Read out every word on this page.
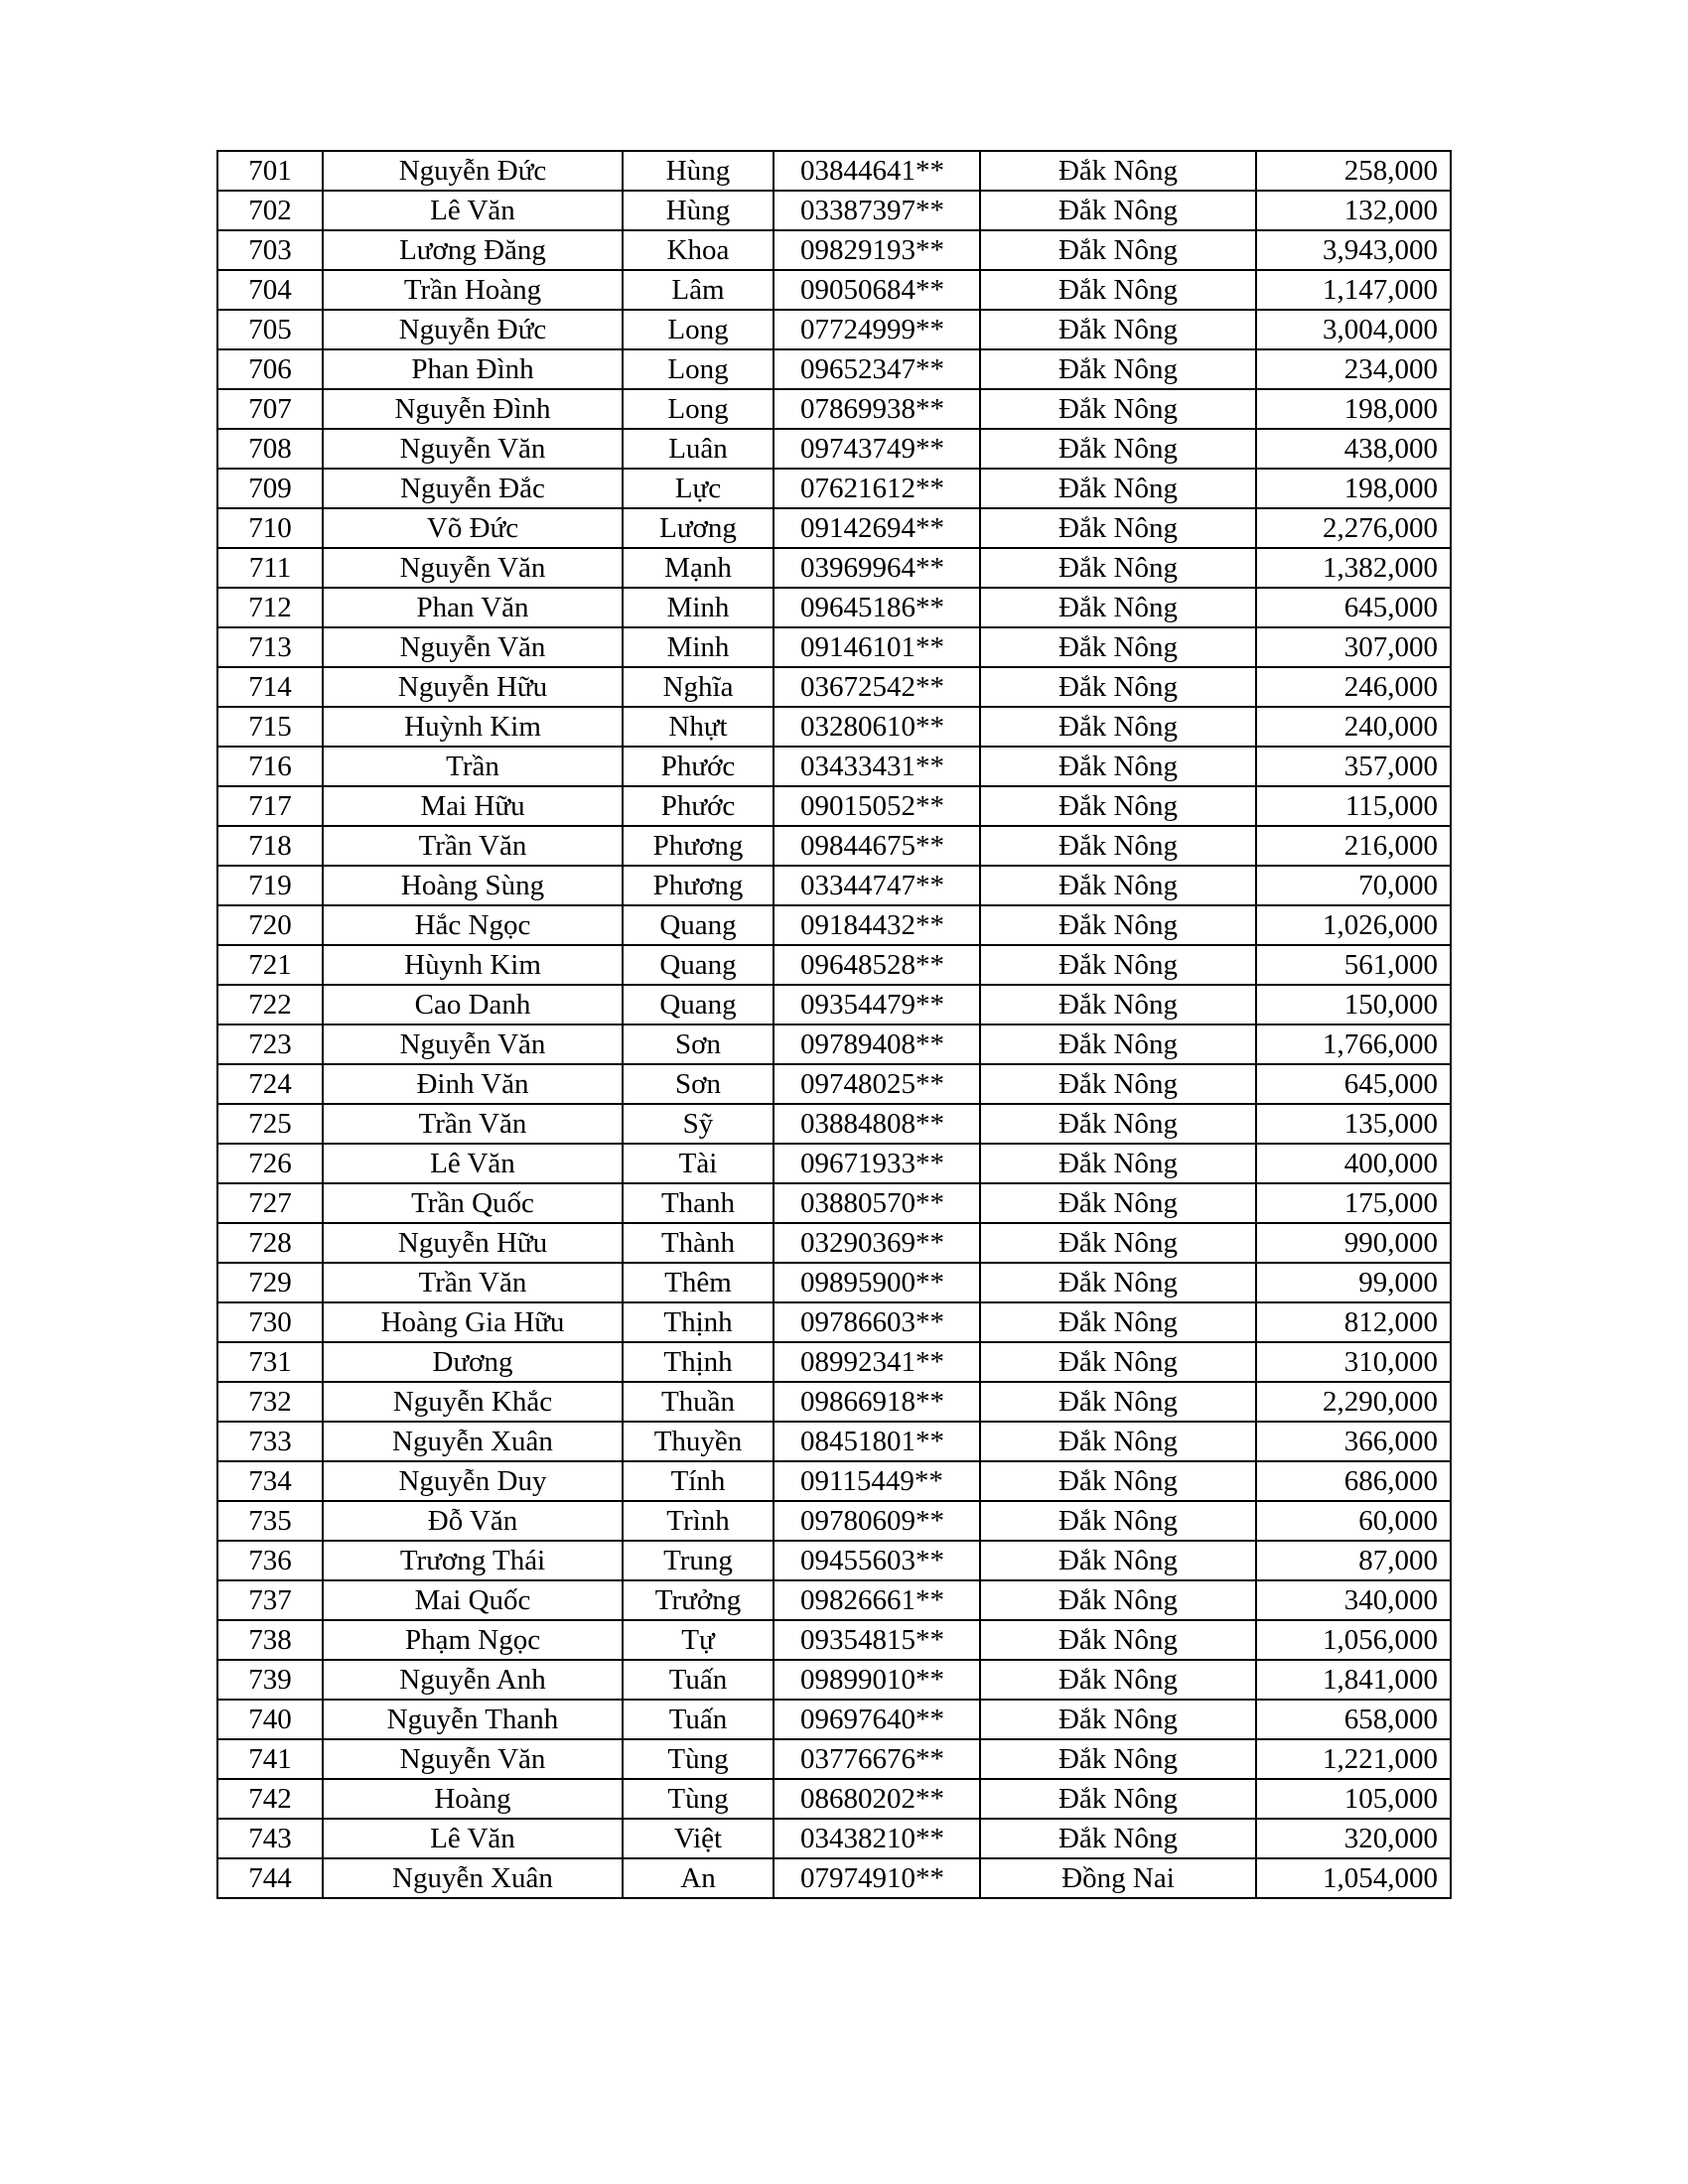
701	Nguyễn Đức	Hùng	03844641**	Đắk Nông	258,000
702	Lê Văn	Hùng	03387397**	Đắk Nông	132,000
703	Lương Đăng	Khoa	09829193**	Đắk Nông	3,943,000
704	Trần Hoàng	Lâm	09050684**	Đắk Nông	1,147,000
705	Nguyễn Đức	Long	07724999**	Đắk Nông	3,004,000
706	Phan Đình	Long	09652347**	Đắk Nông	234,000
707	Nguyễn Đình	Long	07869938**	Đắk Nông	198,000
708	Nguyễn Văn	Luân	09743749**	Đắk Nông	438,000
709	Nguyễn Đắc	Lực	07621612**	Đắk Nông	198,000
710	Võ Đức	Lương	09142694**	Đắk Nông	2,276,000
711	Nguyễn Văn	Mạnh	03969964**	Đắk Nông	1,382,000
712	Phan Văn	Minh	09645186**	Đắk Nông	645,000
713	Nguyễn Văn	Minh	09146101**	Đắk Nông	307,000
714	Nguyễn Hữu	Nghĩa	03672542**	Đắk Nông	246,000
715	Huỳnh Kim	Nhựt	03280610**	Đắk Nông	240,000
716	Trần	Phước	03433431**	Đắk Nông	357,000
717	Mai Hữu	Phước	09015052**	Đắk Nông	115,000
718	Trần Văn	Phương	09844675**	Đắk Nông	216,000
719	Hoàng Sùng	Phương	03344747**	Đắk Nông	70,000
720	Hắc Ngọc	Quang	09184432**	Đắk Nông	1,026,000
721	Hùynh Kim	Quang	09648528**	Đắk Nông	561,000
722	Cao Danh	Quang	09354479**	Đắk Nông	150,000
723	Nguyễn Văn	Sơn	09789408**	Đắk Nông	1,766,000
724	Đinh Văn	Sơn	09748025**	Đắk Nông	645,000
725	Trần Văn	Sỹ	03884808**	Đắk Nông	135,000
726	Lê Văn	Tài	09671933**	Đắk Nông	400,000
727	Trần Quốc	Thanh	03880570**	Đắk Nông	175,000
728	Nguyễn Hữu	Thành	03290369**	Đắk Nông	990,000
729	Trần Văn	Thêm	09895900**	Đắk Nông	99,000
730	Hoàng Gia Hữu	Thịnh	09786603**	Đắk Nông	812,000
731	Dương	Thịnh	08992341**	Đắk Nông	310,000
732	Nguyễn Khắc	Thuần	09866918**	Đắk Nông	2,290,000
733	Nguyễn Xuân	Thuyền	08451801**	Đắk Nông	366,000
734	Nguyễn Duy	Tính	09115449**	Đắk Nông	686,000
735	Đỗ Văn	Trình	09780609**	Đắk Nông	60,000
736	Trương Thái	Trung	09455603**	Đắk Nông	87,000
737	Mai Quốc	Trưởng	09826661**	Đắk Nông	340,000
738	Phạm Ngọc	Tự	09354815**	Đắk Nông	1,056,000
739	Nguyễn Anh	Tuấn	09899010**	Đắk Nông	1,841,000
740	Nguyễn Thanh	Tuấn	09697640**	Đắk Nông	658,000
741	Nguyễn Văn	Tùng	03776676**	Đắk Nông	1,221,000
742	Hoàng	Tùng	08680202**	Đắk Nông	105,000
743	Lê Văn	Việt	03438210**	Đắk Nông	320,000
744	Nguyễn Xuân	An	07974910**	Đồng Nai	1,054,000
